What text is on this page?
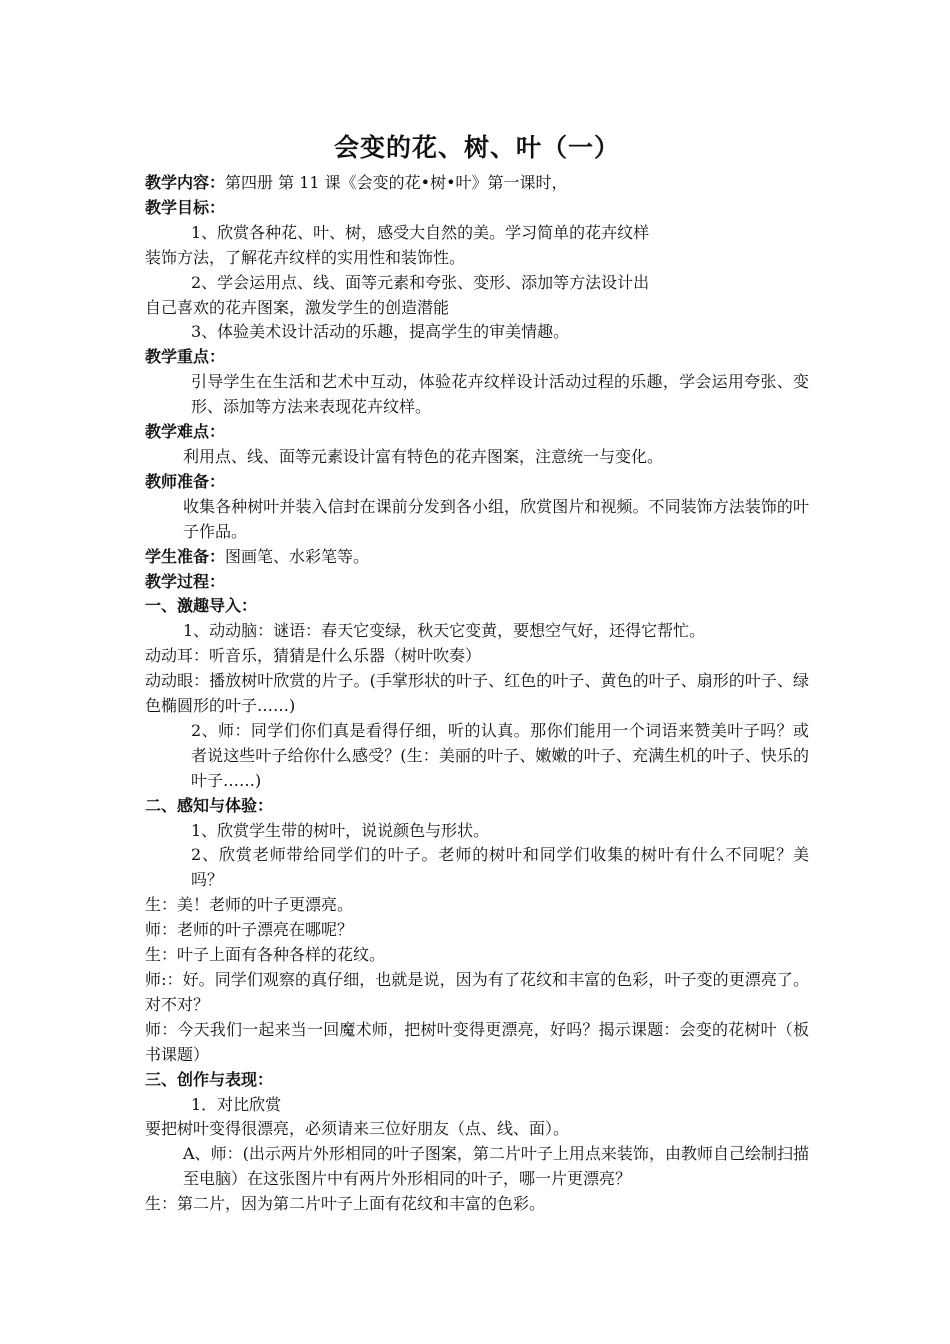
会变的花、树、叶（一）
教学内容：第四册 第 11 课《会变的花•树•叶》第一课时，
教学目标：
1、欣赏各种花、叶、树，感受大自然的美。学习简单的花卉纹样
装饰方法，了解花卉纹样的实用性和装饰性。
2、学会运用点、线、面等元素和夸张、变形、添加等方法设计出
自己喜欢的花卉图案，激发学生的创造潜能
3、体验美术设计活动的乐趣，提高学生的审美情趣。
教学重点：
引导学生在生活和艺术中互动，体验花卉纹样设计活动过程的乐趣，学会运用夸张、变形、添加等方法来表现花卉纹样。
教学难点：
利用点、线、面等元素设计富有特色的花卉图案，注意统一与变化。
教师准备：
收集各种树叶并装入信封在课前分发到各小组，欣赏图片和视频。不同装饰方法装饰的叶子作品。
学生准备：图画笔、水彩笔等。
教学过程：
一、激趣导入：
1、动动脑：谜语：春天它变绿，秋天它变黄，要想空气好，还得它帮忙。
动动耳：听音乐，猜猜是什么乐器（树叶吹奏）
动动眼：播放树叶欣赏的片子。(手掌形状的叶子、红色的叶子、黄色的叶子、扇形的叶子、绿色椭圆形的叶子……)
2、师：同学们你们真是看得仔细，听的认真。那你们能用一个词语来赞美叶子吗？或者说这些叶子给你什么感受？(生：美丽的叶子、嫩嫩的叶子、充满生机的叶子、快乐的叶子……)
二、感知与体验：
1、欣赏学生带的树叶，说说颜色与形状。
2、欣赏老师带给同学们的叶子。老师的树叶和同学们收集的树叶有什么不同呢？美吗？
生：美！老师的叶子更漂亮。
师：老师的叶子漂亮在哪呢？
生：叶子上面有各种各样的花纹。
师:：好。同学们观察的真仔细，也就是说，因为有了花纹和丰富的色彩，叶子变的更漂亮了。对不对？
师：今天我们一起来当一回魔术师，把树叶变得更漂亮，好吗？揭示课题：会变的花树叶（板书课题）
三、创作与表现：
1．对比欣赏
要把树叶变得很漂亮，必须请来三位好朋友（点、线、面）。
A、师：(出示两片外形相同的叶子图案，第二片叶子上用点来装饰，由教师自己绘制扫描至电脑）在这张图片中有两片外形相同的叶子，哪一片更漂亮？
生：第二片，因为第二片叶子上面有花纹和丰富的色彩。
